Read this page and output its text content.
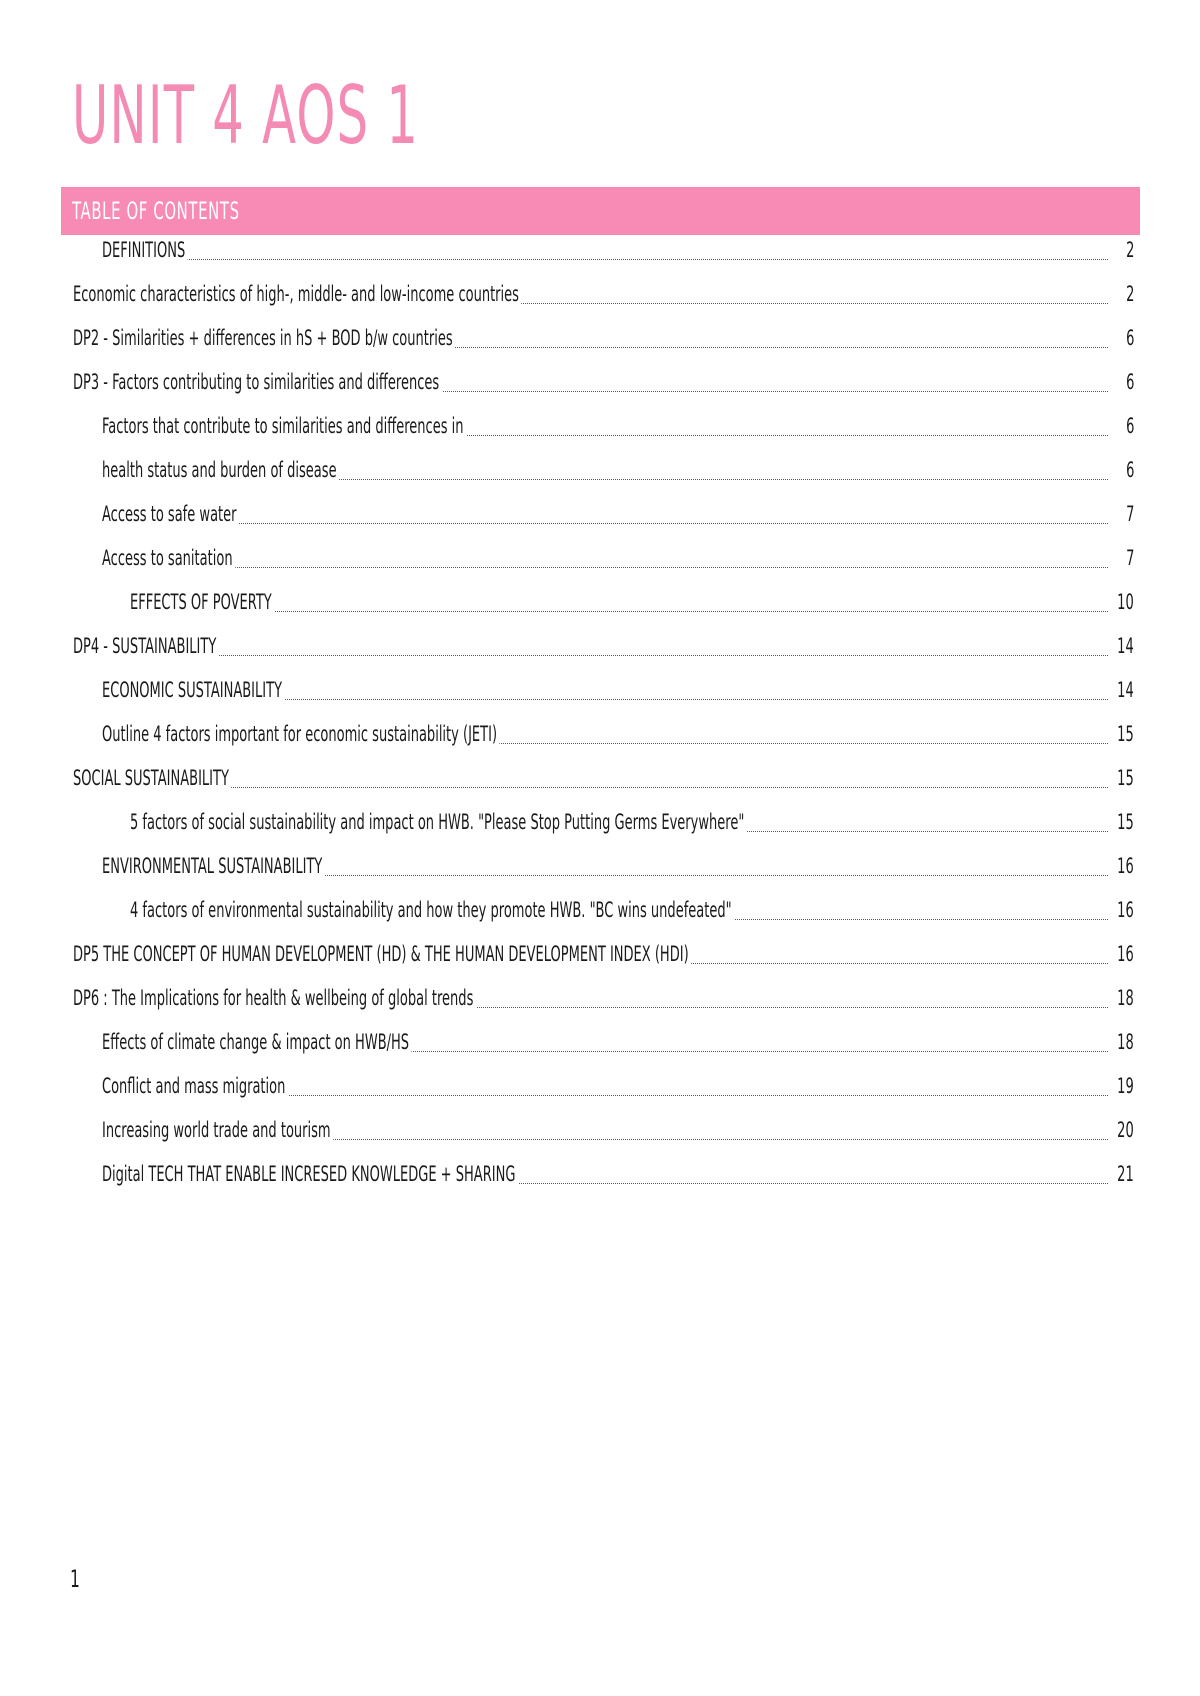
UNIT 4 AOS 1
TABLE OF CONTENTS
DEFINITIONS	2
Economic characteristics of high-, middle- and low-income countries	2
DP2 - Similarities + differences in hS + BOD b/w countries	6
DP3 - Factors contributing to similarities and differences	6
Factors that contribute to similarities and differences in	6
health status and burden of disease	6
Access to safe water	7
Access to sanitation	7
EFFECTS OF POVERTY	10
DP4 - SUSTAINABILITY	14
ECONOMIC SUSTAINABILITY	14
Outline 4 factors important for economic sustainability (JETI)	15
SOCIAL SUSTAINABILITY	15
5 factors of social sustainability and impact on HWB. "Please Stop Putting Germs Everywhere"	15
ENVIRONMENTAL SUSTAINABILITY	16
4 factors of environmental sustainability and how they promote HWB. "BC wins undefeated"	16
DP5 THE CONCEPT OF HUMAN DEVELOPMENT (HD) & THE HUMAN DEVELOPMENT INDEX (HDI)	16
DP6 : The Implications for health & wellbeing of global trends	18
Effects of climate change & impact on HWB/HS	18
Conflict and mass migration	19
Increasing world trade and tourism	20
Digital TECH THAT ENABLE INCRESED KNOWLEDGE + SHARING	21
1
